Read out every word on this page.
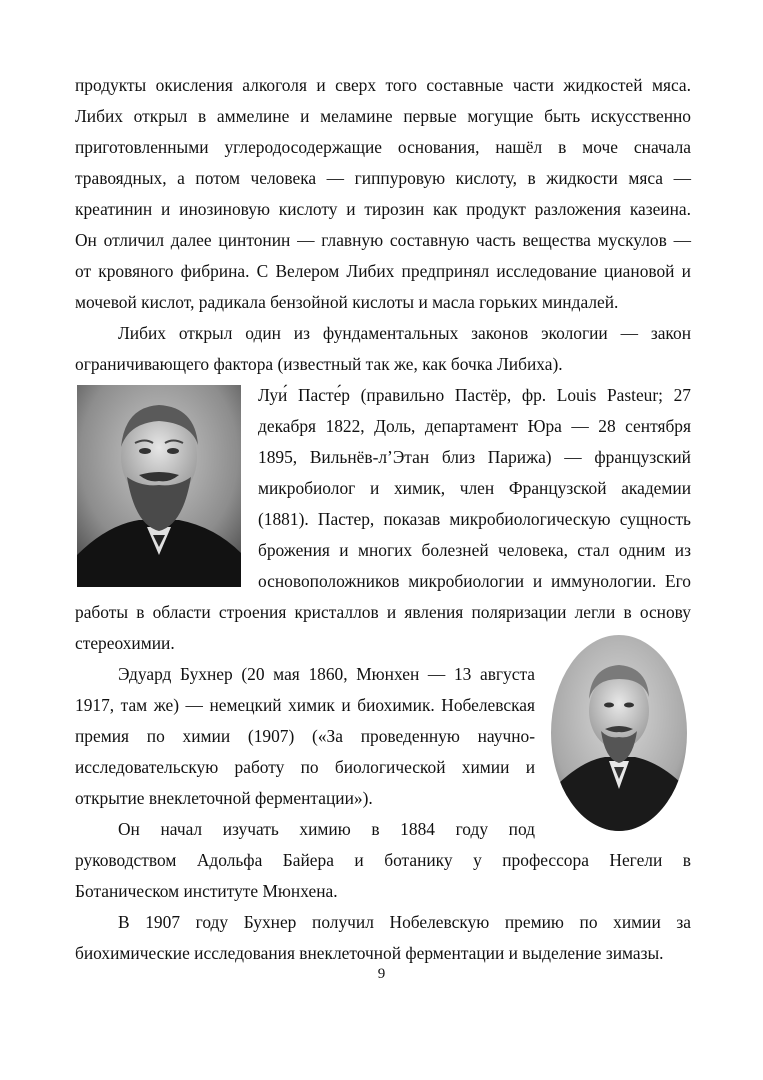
продукты окисления алкоголя и сверх того составные части жидкостей мяса.
Либих открыл в аммелине и меламине первые могущие быть искусственно
приготовленными углеродосодержащие основания, нашёл в моче сначала
травоядных, а потом человека — гиппуровую кислоту, в жидкости мяса —
креатинин и инозиновую кислоту и тирозин как продукт разложения казеина.
Он отличил далее цинтонин — главную составную часть вещества мускулов —
от кровяного фибрина. С Велером Либих предпринял исследование циановой и
мочевой кислот, радикала бензойной кислоты и масла горьких миндалей.
Либих открыл один из фундаментальных законов экологии — закон
ограничивающего фактора (известный так же, как бочка Либиха).
Луи́ Пасте́р (правильно Пастёр, фр. Louis Pasteur; 27
декабря 1822, Доль, департамент Юра — 28 сентября
1895, Вильнёв-л’Этан близ Парижа) — французский
микробиолог и химик, член Французской академии
(1881). Пастер, показав микробиологическую сущность
брожения и многих болезней человека, стал одним из
основоположников микробиологии и иммунологии. Его
работы в области строения кристаллов и явления поляризации легли в основу
стереохимии.
Эдуард Бухнер (20 мая 1860, Мюнхен — 13 августа
1917, там же) — немецкий химик и биохимик. Нобелевская
премия по химии (1907) («За проведенную научно-
исследовательскую работу по биологической химии и
открытие внеклеточной ферментации»).
Он начал изучать химию в 1884 году под
руководством Адольфа Байера и ботанику у профессора Негели в
Ботаническом институте Мюнхена.
В 1907 году Бухнер получил Нобелевскую премию по химии за
биохимические исследования внеклеточной ферментации и выделение зимазы.
9
